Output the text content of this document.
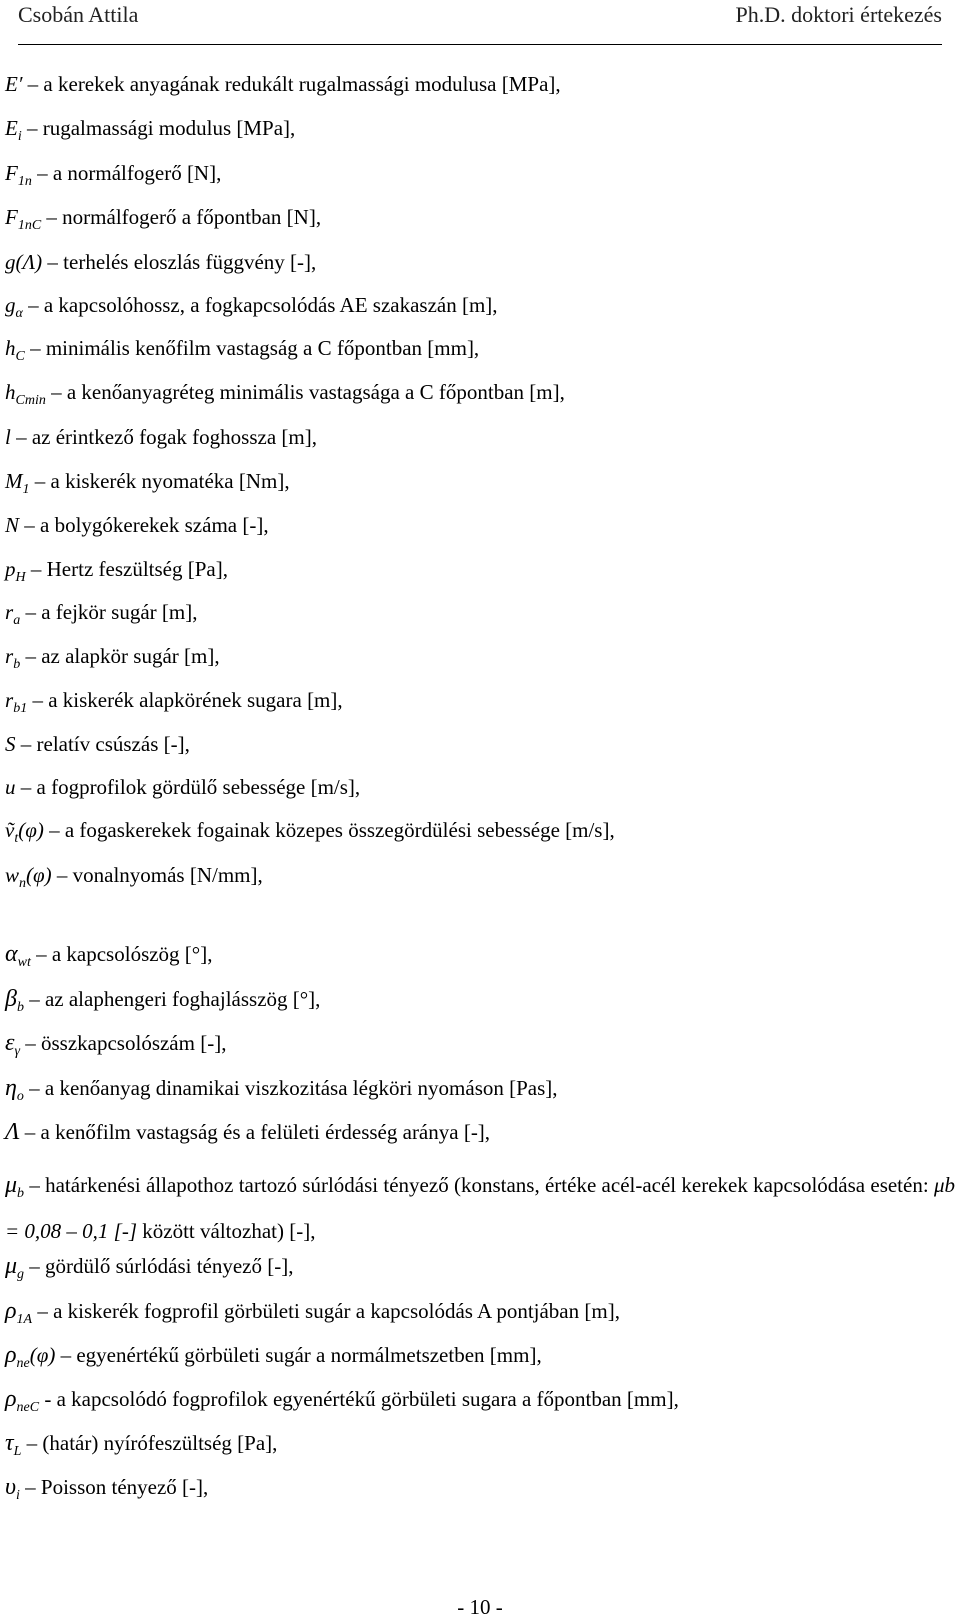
Csobán Attila	Ph.D. doktori értekezés
E′ – a kerekek anyagának redukált rugalmassági modulusa [MPa],
$E_i$ – rugalmassági modulus [MPa],
$F_{1n}$ – a normálfogerő [N],
$F_{1nC}$ – normálfogerő a főpontban [N],
g(Λ) – terhelés eloszlás függvény [-],
$g_\alpha$ – a kapcsolóhossz, a fogkapcsolódás AE szakaszán [m],
$h_C$ – minimális kenőfilm vastagság a C főpontban [mm],
$h_{Cmin}$ – a kenőanyagréteg minimális vastagsága a C főpontban [m],
l – az érintkező fogak foghossza [m],
$M_1$ – a kiskerék nyomatéka [Nm],
N – a bolygókerekek száma [-],
$p_H$ – Hertz feszültség [Pa],
$r_a$ – a fejkör sugár [m],
$r_b$ – az alapkör sugár [m],
$r_{b1}$ – a kiskerék alapkörének sugara [m],
S – relatív csúszás [-],
u – a fogprofilok gördülő sebessége [m/s],
ṽ$_t$(φ) – a fogaskerekek fogainak közepes összegördülési sebessége [m/s],
$w_n(\varphi)$ – vonalnyomás [N/mm],
$\alpha_{wt}$ – a kapcsolószög [°],
$\beta_b$ – az alaphengeri foghajlásszög [°],
$\varepsilon_\gamma$ – összkapcsolószám [-],
$\eta_o$ – a kenőanyag dinamikai viszkozitása légköri nyomáson [Pas],
Λ – a kenőfilm vastagság és a felületi érdesség aránya [-],
$\mu_b$ – határkenési állapothoz tartozó súrlódási tényező (konstans, értéke acél-acél kerekek kapcsolódása esetén: μb = 0,08 – 0,1 [-] között változhat) [-],
$\mu_g$ – gördülő súrlódási tényező [-],
$\rho_{1A}$ – a kiskerék fogprofil görbületi sugár a kapcsolódás A pontjában [m],
$\rho_{ne}(\varphi)$ – egyenértékű görbületi sugár a normálmetszetben [mm],
$\rho_{neC}$ - a kapcsolódó fogprofilok egyenértékű görbületi sugara a főpontban [mm],
$\tau_L$ – (határ) nyírófeszültség [Pa],
$\upsilon_i$ – Poisson tényező [-],
- 10 -
